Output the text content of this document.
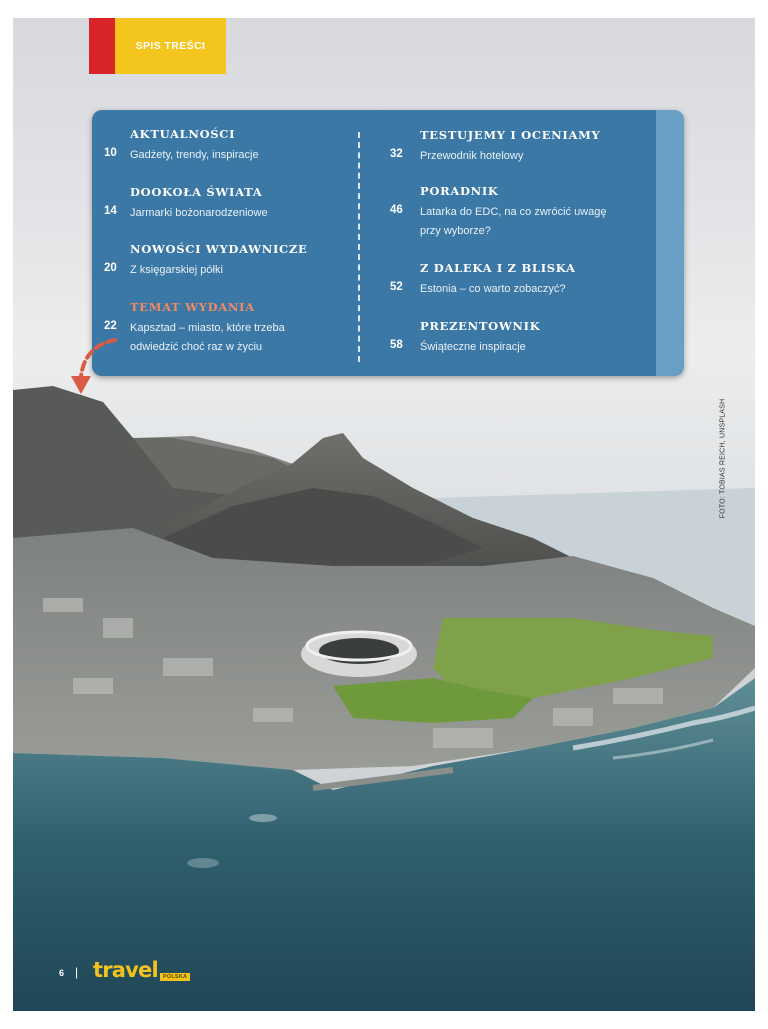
SPIS TREŚCI
AKTUALNOŚCI
10	Gadżety, trendy, inspiracje
DOOKOŁA ŚWIATA
14	Jarmarki bożonarodzeniowe
NOWOŚCI WYDAWNICZE
20	Z księgarskiej półki
TEMAT WYDANIA
22	Kapsztad – miasto, które trzeba
odwiedzić choć raz w życiu
TESTUJEMY I OCENIAMY
32	Przewodnik hotelowy
PORADNIK
46	Latarka do EDC, na co zwrócić uwagę
przy wyborze?
Z DALEKA I Z BLISKA
52	Estonia – co warto zobaczyć?
PREZENTOWNIK
58	Świąteczne inspiracje
FOTO: TOBIAS REICH, UNSPLASH
6 | travel POLSKA
